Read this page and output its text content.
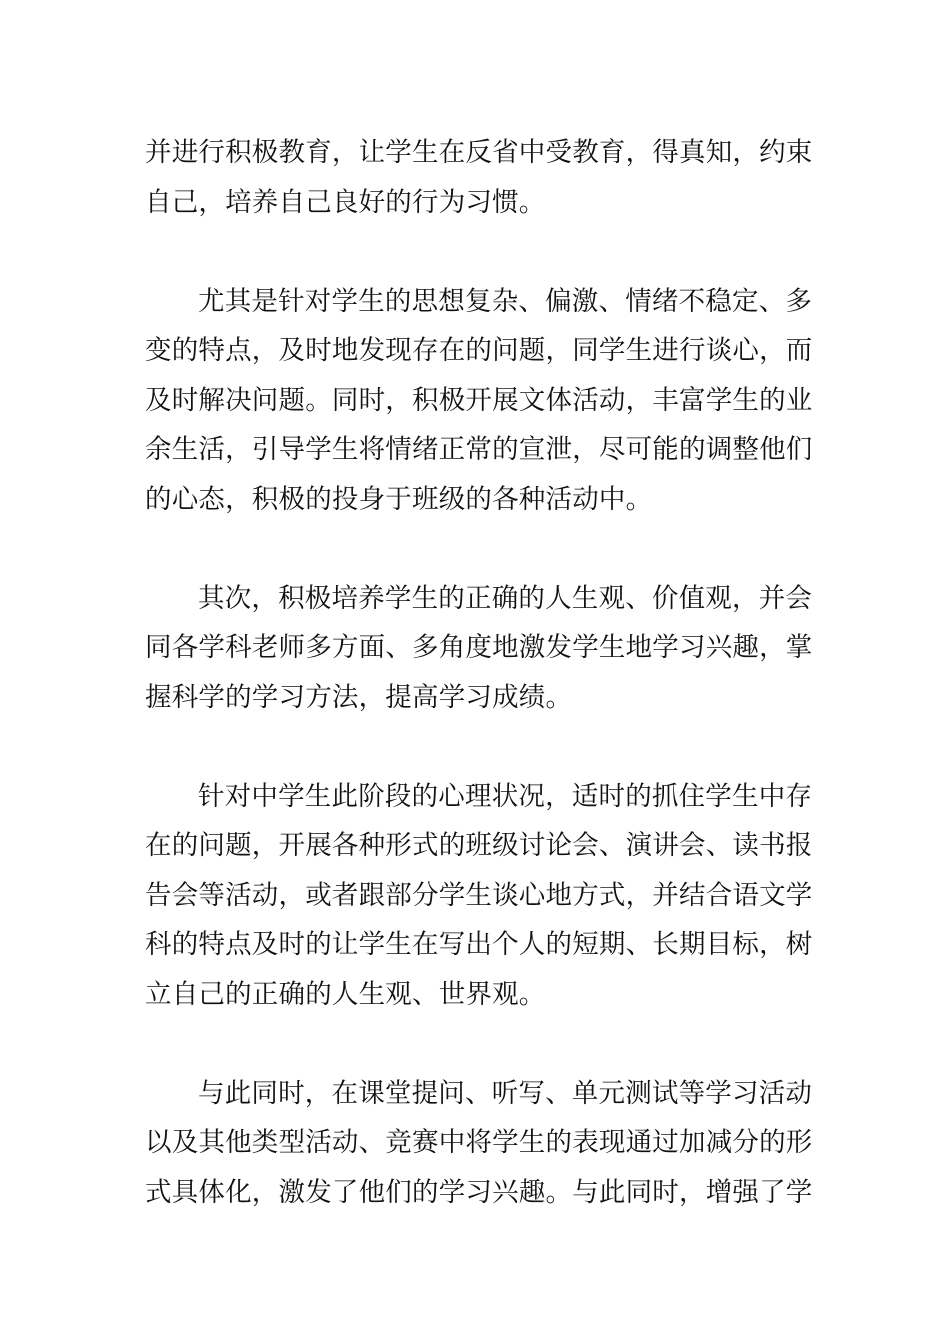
并进行积极教育，让学生在反省中受教育，得真知，约束
自己，培养自己良好的行为习惯。
尤其是针对学生的思想复杂、偏激、情绪不稳定、多
变的特点，及时地发现存在的问题，同学生进行谈心，而
及时解决问题。同时，积极开展文体活动，丰富学生的业
余生活，引导学生将情绪正常的宣泄，尽可能的调整他们
的心态，积极的投身于班级的各种活动中。
其次，积极培养学生的正确的人生观、价值观，并会
同各学科老师多方面、多角度地激发学生地学习兴趣，掌
握科学的学习方法，提高学习成绩。
针对中学生此阶段的心理状况，适时的抓住学生中存
在的问题，开展各种形式的班级讨论会、演讲会、读书报
告会等活动，或者跟部分学生谈心地方式，并结合语文学
科的特点及时的让学生在写出个人的短期、长期目标，树
立自己的正确的人生观、世界观。
与此同时，在课堂提问、听写、单元测试等学习活动
以及其他类型活动、竞赛中将学生的表现通过加减分的形
式具体化，激发了他们的学习兴趣。与此同时，增强了学
